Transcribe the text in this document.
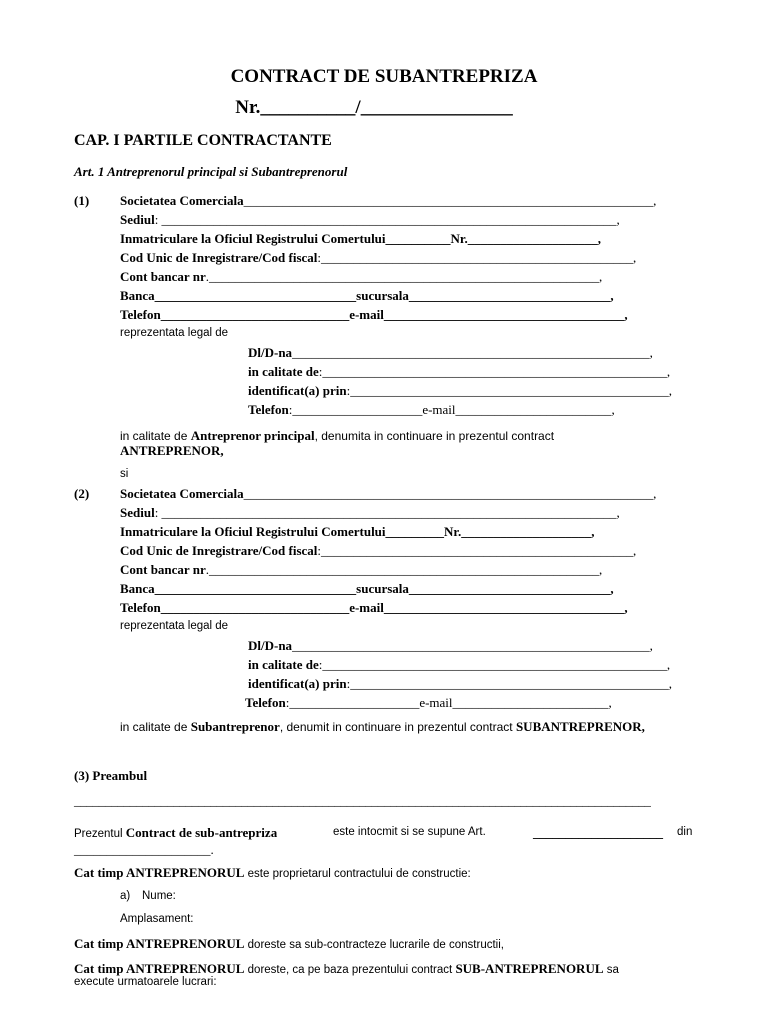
CONTRACT DE SUBANTREPRIZA
Nr.__________/________________
CAP. I PARTILE CONTRACTANTE
Art. 1 Antreprenorul principal si Subantreprenorul
(1) Societatea Comerciala_______________________________________________________________,
Sediul: ______________________________________________________________________,
Inmatriculare la Oficiul Registrului Comertului__________Nr.____________________,
Cod Unic de Inregistrare/Cod fiscal:________________________________________________,
Cont bancar nr.____________________________________________________________,
Banca_______________________________sucursala_______________________________,
Telefon_____________________________e-mail_____________________________________,
reprezentata legal de
Dl/D-na_______________________________________________________,
in calitate de:_____________________________________________________,
identificat(a) prin:_________________________________________________,
Telefon:____________________e-mail________________________,
in calitate de Antreprenor principal, denumita in continuare in prezentul contract
ANTREPRENOR,
si
(2) Societatea Comerciala_______________________________________________________________,
Sediul: ______________________________________________________________________,
Inmatriculare la Oficiul Registrului Comertului_________Nr.____________________,
Cod Unic de Inregistrare/Cod fiscal:________________________________________________,
Cont bancar nr.____________________________________________________________,
Banca_______________________________sucursala_______________________________,
Telefon_____________________________e-mail_____________________________________,
reprezentata legal de
Dl/D-na_______________________________________________________,
in calitate de:_____________________________________________________,
identificat(a) prin:_________________________________________________,
Telefon:____________________e-mail________________________,
in calitate de Subantreprenor, denumit in continuare in prezentul contract SUBANTREPRENOR,
(3) Preambul
_____________________________________________________________________________________________
Prezentul Contract de sub-antrepriza	este intocmit si se supune Art.	____________________ din
_____________________.
Cat timp ANTREPRENORUL este proprietarul contractului de constructie:
a) Nume:
Amplasament:
Cat timp ANTREPRENORUL doreste sa sub-contracteze lucrarile de constructii,
Cat timp ANTREPRENORUL doreste, ca pe baza prezentului contract SUB-ANTREPRENORUL sa
execute urmatoarele lucrari:
